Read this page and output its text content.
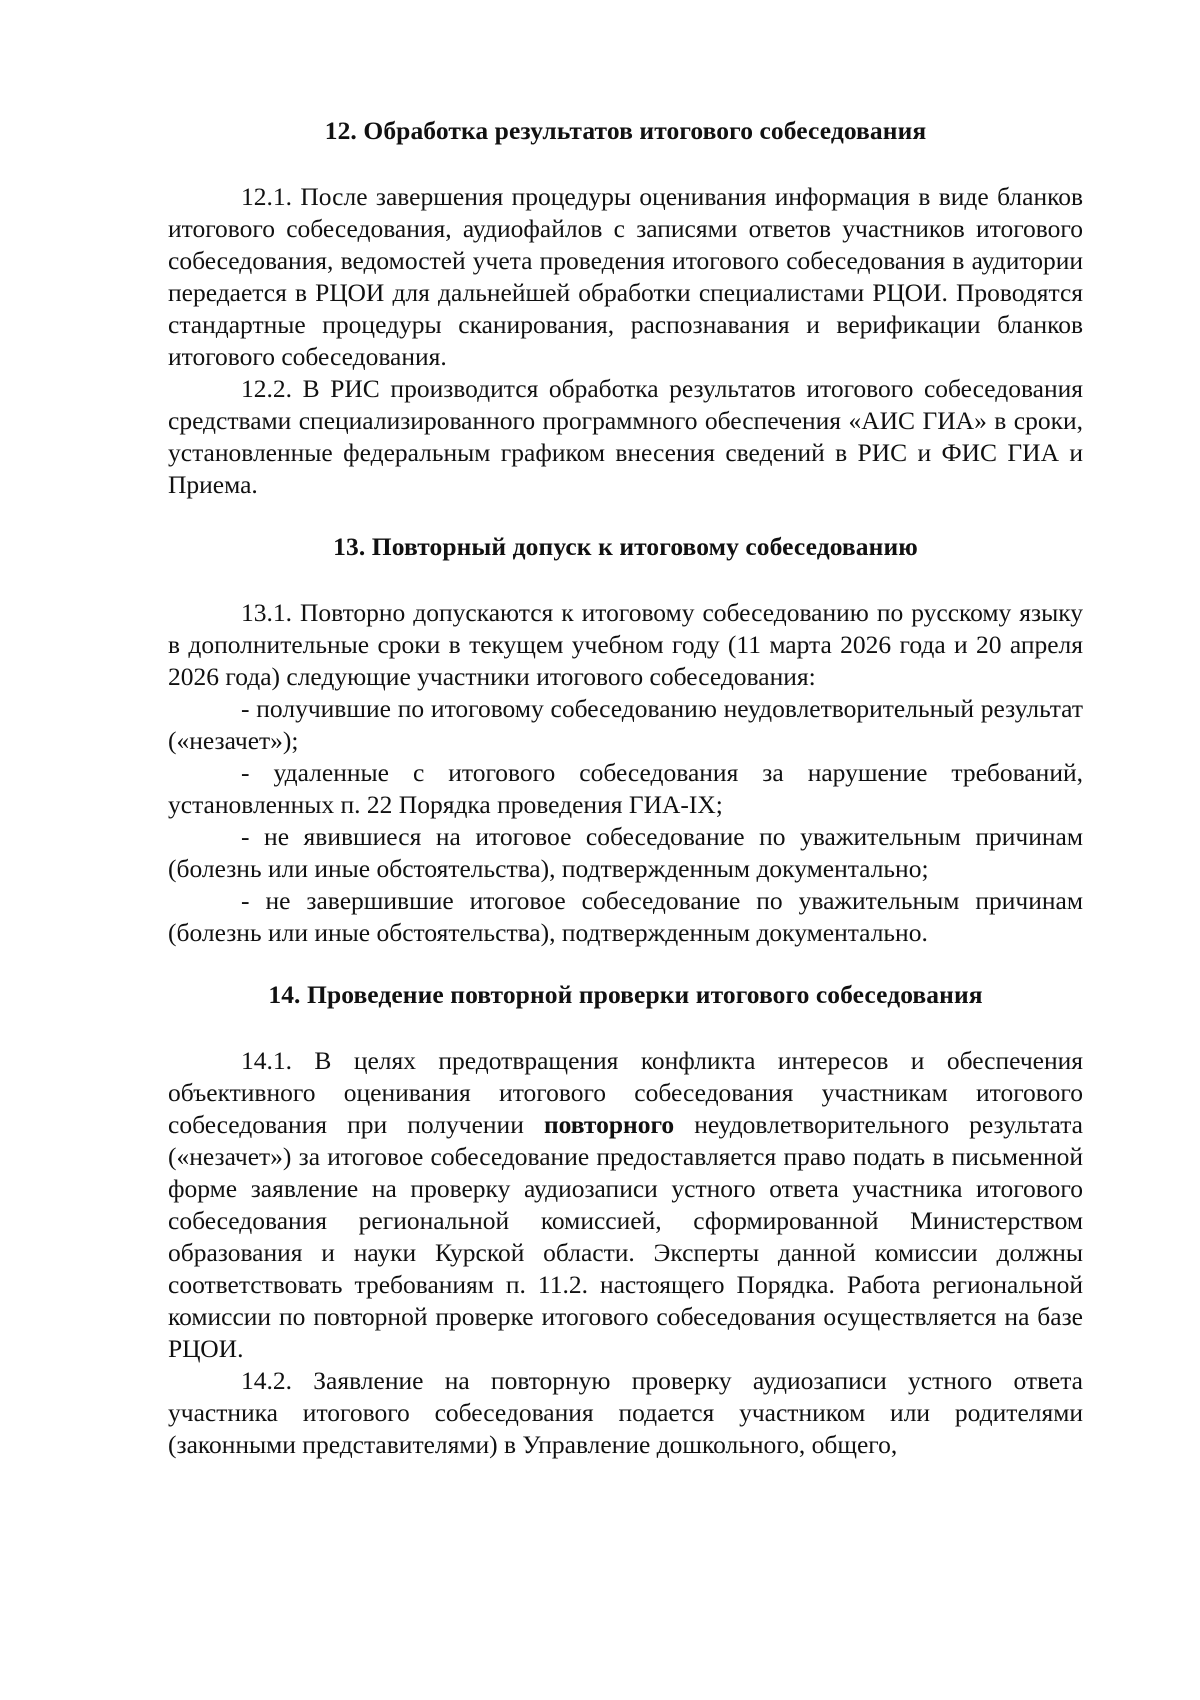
12. Обработка результатов итогового собеседования

12.1. После завершения процедуры оценивания информация в виде бланков итогового собеседования, аудиофайлов с записями ответов участников итогового собеседования, ведомостей учета проведения итогового собеседования в аудитории передается в РЦОИ для дальнейшей обработки специалистами РЦОИ. Проводятся стандартные процедуры сканирования, распознавания и верификации бланков итогового собеседования.

12.2. В РИС производится обработка результатов итогового собеседования средствами специализированного программного обеспечения «АИС ГИА» в сроки, установленные федеральным графиком внесения сведений в РИС и ФИС ГИА и Приема.

13. Повторный допуск к итоговому собеседованию

13.1. Повторно допускаются к итоговому собеседованию по русскому языку в дополнительные сроки в текущем учебном году (11 марта 2026 года и 20 апреля 2026 года) следующие участники итогового собеседования:

- получившие по итоговому собеседованию неудовлетворительный результат («незачет»);

- удаленные с итогового собеседования за нарушение требований, установленных п. 22 Порядка проведения ГИА-IX;

- не явившиеся на итоговое собеседование по уважительным причинам (болезнь или иные обстоятельства), подтвержденным документально;

- не завершившие итоговое собеседование по уважительным причинам (болезнь или иные обстоятельства), подтвержденным документально.

14. Проведение повторной проверки итогового собеседования

14.1. В целях предотвращения конфликта интересов и обеспечения объективного оценивания итогового собеседования участникам итогового собеседования при получении повторного неудовлетворительного результата («незачет») за итоговое собеседование предоставляется право подать в письменной форме заявление на проверку аудиозаписи устного ответа участника итогового собеседования региональной комиссией, сформированной Министерством образования и науки Курской области. Эксперты данной комиссии должны соответствовать требованиям п. 11.2. настоящего Порядка. Работа региональной комиссии по повторной проверке итогового собеседования осуществляется на базе РЦОИ.

14.2. Заявление на повторную проверку аудиозаписи устного ответа участника итогового собеседования подается участником или родителями (законными представителями) в Управление дошкольного, общего,
